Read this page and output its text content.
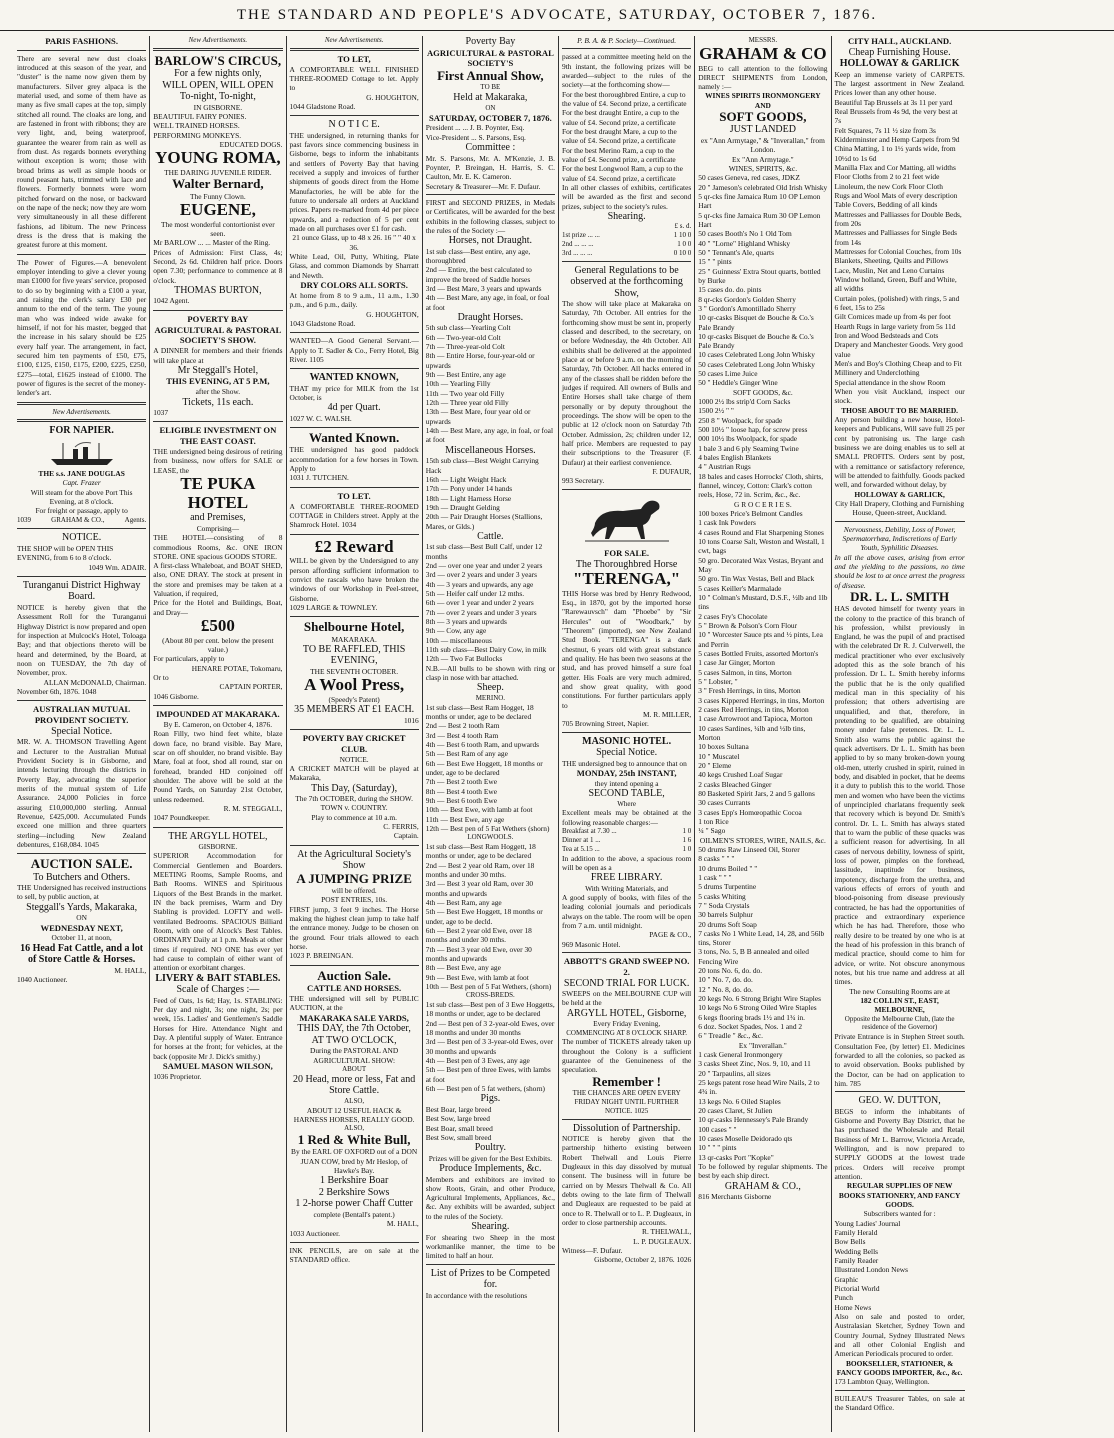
THE STANDARD AND PEOPLE'S ADVOCATE, SATURDAY, OCTOBER 7, 1876.
PARIS FASHIONS.
There are several new dust cloaks introduced at this season of the year, and "duster" is the name now given them by manufacturers. Silver grey alpaca is the material used, and some of them have as many as five small capes at the top, simply stitched all round. The cloaks are long, and are fastened in front with ribbons; they are very light, and, being waterproof, guarantee the wearer from rain as well as from dust. As regards bonnets everything without exception is worn; those with broad brims as well as simple hoods or round peasant hats, trimmed with lace and flowers. Formerly bonnets were worn pitched forward on the nose, or backward on the nape of the neck; now they are worn very simultaneously in all these different fashions, ad libitum. The new Princess dress is the dress that is making the greatest furore at this moment.
The Power of Figures.—A benevolent employer intending to give a clever young man £1000 for five years' service, proposed to do so by beginning with a £100 a year, and raising the clerk's salary £30 per annum to the end of the term. The young man who was indeed wide awake for himself, if not for his master, begged that the increase in his salary should be £25 every half year. The arrangement, in fact, secured him ten payments of £50, £75, £100, £125, £150, £175, £200, £225, £250, £275—total, £1625 instead of £1000. The power of figures is the secret of the money-lender's art.
New Advertisements.
FOR NAPIER.
THE s.s. JANE DOUGLAS
Capt. Frazer
Will steam for the above Port This Evening, at 8 o'clock.
For freight or passage, apply to
1039	GRAHAM & CO.,	Agents.
NOTICE.
THE SHOP will be OPEN THIS EVENING, from 6 to 8 o'clock.
1049 Wm. ADAIR.
Turanganui District Highway Board.
NOTICE is hereby given that the Assessment Roll for the Turanganui Highway District is now prepared and open for inspection at Mulcock's Hotel, Toloaga Bay; and that objections thereto will be heard and determined, by the Board, at noon on TUESDAY, the 7th day of November, prox.
ALLAN McDONALD, Chairman.
November 6th, 1876. 1048
AUSTRALIAN MUTUAL PROVIDENT SOCIETY.
Special Notice.
MR. W. A. THOMSON Travelling Agent and Lecturer to the Australian Mutual Provident Society is in Gisborne, and intends lecturing through the districts in Poverty Bay, advocating the superior merits of the mutual system of Life Assurance. 24,000 Policies in force assuring £10,000,000 sterling. Annual Revenue, £425,000. Accumulated Funds exceed one million and three quarters sterling—including New Zealand debentures, £168,084. 1045
AUCTION SALE.
To Butchers and Others.
THE Undersigned has received instructions to sell, by public auction, at
Steggall's Yards, Makaraka,
ON
WEDNESDAY NEXT,
October 11, at noon,
16 Head Fat Cattle, and a lot of Store Cattle & Horses.
M. HALL,
1040 Auctioneer.
New Advertisements.
BARLOW'S CIRCUS,
For a few nights only,
WILL OPEN, WILL OPEN
To-night, To-night,
IN GISBORNE.
BEAUTIFUL FAIRY PONIES.
WELL TRAINED HORSES.
PERFORMING MONKEYS.
EDUCATED DOGS.
YOUNG ROMA,
THE DARING JUVENILE RIDER.
Walter Bernard,
The Funny Clown.
EUGENE,
The most wonderful contortionist ever seen.
Mr BARLOW ... ... Master of the Ring.
Prices of Admission: First Class, 4s; Second, 2s 6d. Children half price. Doors open 7.30; performance to commence at 8 o'clock.
THOMAS BURTON,
1042 Agent.
POVERTY BAY AGRICULTURAL & PASTORAL SOCIETY'S SHOW.
A DINNER for members and their friends will take place at
Mr Steggall's Hotel,
THIS EVENING, AT 5 P.M,
after the Show.
Tickets, 11s each.
1037
ELIGIBLE INVESTMENT ON THE EAST COAST.
THE undersigned being desirous of retiring from business, now offers for SALE or LEASE, the
TE PUKA HOTEL
and Premises,
Comprising—
THE HOTEL—consisting of 8 commodious Rooms, &c. ONE IRON STORE. ONE spacious GOODS STORE.
A first-class Whaleboat, and BOAT SHED, also, ONE DRAY. The stock at present in the store and premises may be taken at a Valuation, if required,
Price for the Hotel and Buildings, Boat, and Dray—
£500
(About 80 per cent. below the present value.)
For particulars, apply to
HENARE POTAE, Tokomaru,
Or to
CAPTAIN PORTER,
1046 Gisborne.
IMPOUNDED AT MAKARAKA.
By E. Cameron, on October 4, 1876.
Roan Filly, two hind feet white, blaze down face, no brand visible. Bay Mare, scar on off shoulder, no brand visible. Bay Mare, foal at foot, shod all round, star on forehead, branded HD conjoined off shoulder. The above will be sold at the Pound Yards, on Saturday 21st October, unless redeemed.
R. M. STEGGALL,
1047 Poundkeeper.
THE ARGYLL HOTEL,
GISBORNE.
SUPERIOR Accommodation for Commercial Gentlemen and Boarders. MEETING Rooms, Sample Rooms, and Bath Rooms. WINES and Spirituous Liquors of the Best Brands in the market. IN the back premises, Warm and Dry Stabling is provided. LOFTY and well-ventilated Bedrooms. SPACIOUS Billiard Room, with one of Alcock's Best Tables. ORDINARY Daily at 1 p.m. Meals at other times if required. NO ONE has ever yet had cause to complain of either want of attention or exorbitant charges.
LIVERY & BAIT STABLES.
Scale of Charges :—
Feed of Oats, 1s 6d; Hay, 1s. STABLING: Per day and night, 3s; one night, 2s; per week, 15s. Ladies' and Gentlemen's Saddle Horses for Hire. Attendance Night and Day. A plentiful supply of Water. Entrance for horses at the front; for vehicles, at the back (opposite Mr J. Dick's smithy.)
SAMUEL MASON WILSON,
1036 Proprietor.
New Advertisements.
TO LET,
A COMFORTABLE WELL FINISHED THREE-ROOMED Cottage to let. Apply to
G. HOUGHTON,
1044 Gladstone Road.
N O T I C E.
THE undersigned, in returning thanks for past favors since commencing business in Gisborne, begs to inform the inhabitants and settlers of Poverty Bay that having received a supply and invoices of further shipments of goods direct from the Home Manufactories, he will be able for the future to undersale all orders at Auckland prices. Papers re-marked from 4d per piece upwards, and a reduction of 5 per cent made on all purchases over £1 for cash.
21 ounce Glass, up to 48 x 26. 16 " " 40 x 36.
White Lead, Oil, Putty, Whiting, Plate Glass, and common Diamonds by Sharratt and Newth.
DRY COLORS ALL SORTS.
At home from 8 to 9 a.m., 11 a.m., 1.30 p.m., and 6 p.m., daily.
G. HOUGHTON,
1043 Gladstone Road.
WANTED—A Good General Servant.—Apply to T. Sadler & Co., Ferry Hotel, Big River. 1105
WANTED KNOWN,
THAT my price for MILK from the 1st October, is
4d per Quart.
1027 W. C. WALSH.
Wanted Known.
THE undersigned has good paddock accommodation for a few horses in Town. Apply to
1031 J. TUTCHEN.
TO LET.
A COMFORTABLE THREE-ROOMED COTTAGE in Childers street. Apply at the Shamrock Hotel. 1034
£2 Reward
WILL be given by the Undersigned to any person affording sufficient information to convict the rascals who have broken the windows of our Workshop in Peel-street, Gisborne.
1029 LARGE & TOWNLEY.
Shelbourne Hotel,
MAKARAKA.
TO BE RAFFLED, THIS EVENING,
THE SEVENTH OCTOBER.
A Wool Press,
(Speedy's Patent)
35 MEMBERS AT £1 EACH.
1016
POVERTY BAY CRICKET CLUB.
NOTICE.
A CRICKET MATCH will be played at Makaraka,
This Day, (Saturday),
The 7th OCTOBER, during the SHOW.
TOWN v. COUNTRY.
Play to commence at 10 a.m.
C. FERRIS,
Captain.
At the Agricultural Society's Show
A JUMPING PRIZE
will be offered.
POST ENTRIES, 10s.
FIRST jump, 3 feet 9 inches. The Horse making the highest clean jump to take half the entrance money. Judge to be chosen on the ground. Four trials allowed to each horse.
1023 P. BREINGAN.
Auction Sale.
CATTLE AND HORSES.
THE undersigned will sell by PUBLIC AUCTION, at the
MAKARAKA SALE YARDS,
THIS DAY, the 7th October,
AT TWO O'CLOCK,
During the PASTORAL AND AGRICULTURAL SHOW:
ABOUT
20 Head, more or less, Fat and Store Cattle.
ALSO,
ABOUT 12 USEFUL HACK & HARNESS HORSES, REALLY GOOD.
ALSO,
1 Red & White Bull,
By the EARL OF OXFORD out of a DON JUAN COW, bred by Mr Heslop, of Hawke's Bay.
1 Berkshire Boar
2 Berkshire Sows
1 2-horse power Chaff Cutter
complete (Bentall's patent.)
M. HALL,
1033 Auctioneer.
INK PENCILS, are on sale at the STANDARD office.
Poverty Bay
AGRICULTURAL & PASTORAL SOCIETY'S
First Annual Show,
TO BE
Held at Makaraka,
ON
SATURDAY, OCTOBER 7, 1876.
President ... ... J. B. Poynter, Esq.
Vice-President ... S. Parsons, Esq.
Committee :
Mr. S. Parsons, Mr. A. M'Kenzie, J. B. Poynter, P. Breingan, H. Harris, S. C. Caulton, Mr. E. K. Cameron.
Secretary & Treasurer—Mr. F. Dufaur.
FIRST and SECOND PRIZES, in Medals or Certificates, will be awarded for the best exhibits in the following classes, subject to the rules of the Society :—
Horses, not Draught.
1st sub class—Best entire, any age, thoroughbred
2nd — Entire, the best calculated to improve the breed of Saddle horses
3rd — Best Mare, 3 years and upwards
4th — Best Mare, any age, in foal, or foal at foot
Draught Horses.
5th sub class—Yearling Colt
6th — Two-year-old Colt
7th — Three-year-old Colt
8th — Entire Horse, four-year-old or upwards
9th — Best Entire, any age
10th — Yearling Filly
11th — Two year old Filly
12th — Three year old Filly
13th — Best Mare, four year old or upwards
14th — Best Mare, any age, in foal, or foal at foot
Miscellaneous Horses.
15th sub class—Best Weight Carrying Hack
16th — Light Weight Hack
17th — Pony under 14 hands
18th — Light Harness Horse
19th — Draught Gelding
20th — Pair Draught Horses (Stallions, Mares, or Glds.)
Cattle.
1st sub class—Best Bull Calf, under 12 months
2nd — over one year and under 2 years
3rd — over 2 years and under 3 years
4th — 3 years and upwards, any age
5th — Heifer calf under 12 mths.
6th — over 1 year and under 2 years
7th — over 2 years and under 3 years
8th — 3 years and upwards
9th — Cow, any age
10th — miscellaneous
11th sub class—Best Dairy Cow, in milk
12th — Two Fat Bullocks
N.B.—All bulls to be shown with ring or clasp in nose with bar attached.
Sheep.
MERINO.
1st sub class—Best Ram Hogget, 18 months or under, age to be declared
2nd — Best 2 tooth Ram
3rd — Best 4 tooth Ram
4th — Best 6 tooth Ram, and upwards
5th — Best Ram of any age
6th — Best Ewe Hoggett, 18 months or under, age to be declared
7th — Best 2 tooth Ewe
8th — Best 4 tooth Ewe
9th — Best 6 tooth Ewe
10th — Best Ewe, with lamb at foot
11th — Best Ewe, any age
12th — Best pen of 5 Fat Wethers (shorn)
LONGWOOLS.
1st sub class—Best Ram Hoggett, 18 months or under, age to be declared
2nd — Best 2 year old Ram, over 18 months and under 30 mths.
3rd — Best 3 year old Ram, over 30 months and upwards
4th — Best Ram, any age
5th — Best Ewe Hoggett, 18 months or under, age to be decld.
6th — Best 2 year old Ewe, over 18 months and under 30 mths.
7th — Best 3 year old Ewe, over 30 months and upwards
8th — Best Ewe, any age
9th — Best Ewe, with lamb at foot
10th — Best pen of 5 Fat Wethers, (shorn)
CROSS-BREDS.
1st sub class—Best pen of 3 Ewe Hoggetts, 18 months or under, age to be declared
2nd — Best pen of 3 2-year-old Ewes, over 18 months and under 30 months
3rd — Best pen of 3 3-year-old Ewes, over 30 months and upwards
4th — Best pen of 3 Ewes, any age
5th — Best pen of three Ewes, with lambs at foot
6th — Best pen of 5 fat wethers, (shorn)
Pigs.
Best Boar, large breed
Best Sow, large breed
Best Boar, small breed
Best Sow, small breed
Poultry.
Prizes will be given for the Best Exhibits.
Produce Implements, &c.
Members and exhibitors are invited to show Roots, Grain, and other Produce, Agricultural Implements, Appliances, &c., &c. Any exhibits will be awarded, subject to the rules of the Society.
Shearing.
For shearing two Sheep in the most workmanlike manner, the time to be limited to half an hour.
List of Prizes to be Competed for.
In accordance with the resolutions
P. B. A. & P. Society—Continued.
passed at a committee meeting held on the 9th instant, the following prizes will be awarded—subject to the rules of the society—at the forthcoming show—
For the best thoroughbred Entire, a cup to the value of £4. Second prize, a certificate
For the best draught Entire, a cup to the value of £4. Second prize, a certificate
For the best draught Mare, a cup to the value of £4. Second prize, a certificate
For the best Merino Ram, a cup to the value of £4. Second prize, a certificate
For the best Longwool Ram, a cup to the value of £4. Second prize, a certificate
In all other classes of exhibits, certificates will be awarded as the first and second prizes, subject to the society's rules.
Shearing.
£ s. d.
1st prize ... ...	1 10 0
2nd ... ... ...	1 0 0
3rd ... ... ...	0 10 0
General Regulations to be observed at the forthcoming Show,
The show will take place at Makaraka on Saturday, 7th October. All entries for the forthcoming show must be sent in, properly classed and described, to the secretary, on or before Wednesday, the 4th October. All exhibits shall be delivered at the appointed place at or before 9 a.m. on the morning of Saturday, 7th October. All hacks entered in any of the classes shall be ridden before the judges if required. All owners of Bulls and Entire Horses shall take charge of them personally or by deputy throughout the proceedings. The show will be open to the public at 12 o'clock noon on Saturday 7th October. Admission, 2s; children under 12, half price. Members are requested to pay their subscriptions to the Treasurer (F. Dufaur) at their earliest convenience.
F. DUFAUR,
993 Secretary.
FOR SALE.
The Thoroughbred Horse
"TERENGA,"
THIS Horse was bred by Henry Redwood, Esq., in 1870, got by the imported horse "Rarewauvsch" dam "Phoebe" by "Sir Hercules" out of "Woodbark," by "Theorem" (imported), see New Zealand Stud Book. "TERENGA" is a dark chestnut, 6 years old with great substance and quality. He has been two seasons at the stud, and has proved himself a sure foal getter. His Foals are very much admired, and show great quality, with good constitutions. For further particulars apply to
M. R. MILLER,
705 Browning Street, Napier.
MASONIC HOTEL.
Special Notice.
THE undersigned beg to announce that on
MONDAY, 25th INSTANT,
they intend opening a
SECOND TABLE,
Where
Excellent meals may be obtained at the following reasonable charges:—
Breakfast at 7.30 ...	1 0
Dinner at 1 ...	1 6
Tea at 5.15 ...	1 0
In addition to the above, a spacious room will be open as a
FREE LIBRARY.
With Writing Materials, and
A good supply of books, with files of the leading colonial journals and periodicals always on the table. The room will be open from 7 a.m. until midnight.
PAGE & CO.,
969 Masonic Hotel.
ABBOTT'S GRAND SWEEP NO. 2.
SECOND TRIAL FOR LUCK.
SWEEPS on the MELBOURNE CUP will be held at the
ARGYLL HOTEL, Gisborne,
Every Friday Evening,
COMMENCING AT 8 O'CLOCK SHARP.
The number of TICKETS already taken up throughout the Colony is a sufficient guarantee of the Genuineness of the speculation.
Remember !
THE CHANCES ARE OPEN EVERY FRIDAY NIGHT UNTIL FURTHER NOTICE. 1025
Dissolution of Partnership.
NOTICE is hereby given that the partnership hitherto existing between Robert Thelwall and Louis Pierre Dugleaux in this day dissolved by mutual consent. The business will in future be carried on by Messrs Thelwall & Co. All debts owing to the late firm of Thelwall and Dugleaux are requested to be paid at once to R. Thelwall or to L. P. Dugleaux, in order to close partnership accounts.
R. THELWALL,
L. P. DUGLEAUX.
Witness—F. Dufaur.
Gisborne, October 2, 1876. 1026
MESSRS.
GRAHAM & CO
BEG to call attention to the following DIRECT SHIPMENTS from London, namely :—
WINES SPIRITS IRONMONGERY AND
SOFT GOODS,
JUST LANDED
ex "Ann Armytage," & "Inverallan," from London.
Ex "Ann Armytage."
WINES, SPIRITS, &c.
50 cases Geneva, red cases, JDKZ
20 " Jameson's celebrated Old Irish Whisky
5 qr-cks fine Jamaica Rum 10 OP Lemon Hart
5 qr-cks fine Jamaica Rum 30 OP Lemon Hart
50 cases Booth's No 1 Old Tom
40 " "Lorne" Highland Whisky
50 " Tennant's Ale, quarts
15 " " pints
25 " Guinness' Extra Stout quarts, bottled by Burke
15 cases do. do. pints
8 qr-cks Gordon's Golden Sherry
3 " Gordon's Amontillado Sherry
10 qr-casks Bisquet de Bouche & Co.'s Pale Brandy
10 qr-casks Bisquet de Bouche & Co.'s Pale Brandy
10 cases Celebrated Long John Whisky
50 cases Celebrated Long John Whisky
50 cases Lime Juice
50 " Heddle's Ginger Wine
SOFT GOODS, &c.
1000 2½ lbs strip'd Corn Sacks
1500 2½ " "
250 8 " Woolpack, for spade
500 10½ " loose hap, for screw press
000 10½ lbs Woolpack, for spade
1 bale 3 and 6 ply Seaming Twine
4 bales English Blankets
4 " Austrian Rugs
18 bales and cases Horrocks' Cloth, shirts, flannel, wincey, Cotton: Clark's cotton reels, Hose, 72 in. Scrim, &c., &c.
G R O C E R I E S.
100 boxes Price's Belmont Candles
1 cask Ink Powders
4 cases Round and Flat Sharpening Stones
10 tons Coarse Salt, Weston and Westall, 1 cwt, bags
50 gro. Decorated Wax Vestas, Bryant and May
50 gro. Tin Wax Vestas, Bell and Black
5 cases Keiller's Marmalade
10 " Colman's Mustard, D.S.F., ½lb and 1lb tins
2 cases Fry's Chocolate
5 " Brown & Polson's Corn Flour
10 " Worcester Sauce pts and ½ pints, Lea and Perrin
5 cases Bottled Fruits, assorted Morton's
1 case Jar Ginger, Morton
5 cases Salmon, in tins, Morton
5 " Lobster, "
3 " Fresh Herrings, in tins, Morton
3 cases Kippered Herrings, in tins, Morton
2 cases Red Herrings, in tins, Morton
1 case Arrowroot and Tapioca, Morton
10 cases Sardines, ¼lb and ½lb tins, Morton
10 boxes Sultana
10 " Muscatel
20 " Eleme
40 kegs Crushed Loaf Sugar
2 casks Bleached Ginger
80 Basketed Spirit Jars, 2 and 5 gallons
30 cases Currants
3 cases Epp's Homœopathic Cocoa
1 ton Rice
¼ " Sago
OILMEN'S STORES, WIRE, NAILS, &c.
50 drums Raw Linseed Oil, Storer
8 casks " " "
10 drums Boiled " "
1 cask " " "
5 drums Turpentine
5 casks Whiting
7 " Soda Crystals
30 barrels Sulphur
20 drums Soft Soap
7 casks No 1 White Lead, 14, 28, and 56lb tins, Storer
3 tons, No. 5, B B annealed and oiled Fencing Wire
20 tons No. 6, do. do.
10 " No. 7, do. do.
12 " No. 8, do. do.
20 kegs No. 6 Strong Bright Wire Staples
10 kegs No 6 Strong Oiled Wire Staples
6 kegs flooring brads 1½ and 1¾ in.
6 doz. Socket Spades, Nos. 1 and 2
6 " Treadle " &c., &c.
Ex "Inverallan."
1 cask General Ironmongery
3 casks Sheet Zinc, Nos. 9, 10, and 11
20 " Tarpaulins, all sizes
25 kegs patent rose head Wire Nails, 2 to 4¾ in.
13 kegs No. 6 Oiled Staples
20 cases Claret, St Julien
10 qr-casks Hennessey's Pale Brandy
100 cases " "
10 cases Moselle Deidorado qts
10 " " " pints
13 qr-casks Port "Kopke"
To be followed by regular shipments. The best by each ship direct.
GRAHAM & CO.,
816 Merchants Gisborne
CITY HALL, AUCKLAND.
Cheap Furnishing House.
HOLLOWAY & GARLICK
Keep an immense variety of CARPETS. The largest assortment in New Zealand. Prices lower than any other house.
Beautiful Tap Brussels at 3s 11 per yard
Real Brussels from 4s 9d, the very best at 7s
Felt Squares, 7s 11 ½ size from 3s
Kidderminster and Hemp Carpets from 9d
China Matting, 1 to 1½ yards wide, from 10½d to 1s 6d
Manilla Flax and Cor Matting, all widths
Floor Cloths from 2 to 21 feet wide
Linoleum, the new Cork Floor Cloth
Rugs and Wool Mats of every description
Table Covers, Bedding of all kinds
Mattresses and Palliasses for Double Beds, from 20s
Mattresses and Palliasses for Single Beds from 14s
Mattresses for Colonial Couches, from 10s
Blankets, Sheeting, Quilts and Pillows
Lace, Muslin, Net and Leno Curtains
Window holland, Green, Buff and White, all widths
Curtain poles, (polished) with rings, 5 and 6 feet, 15s to 25s
Gilt Cornices made up from 4s per foot
Hearth Rugs in large variety from 5s 11d
Iron and Wood Bedsteads and Cots
Drapery and Manchester Goods. Very good value
Men's and Boy's Clothing Cheap and to Fit
Millinery and Underclothing
Special attendance in the show Room
When you visit Auckland, inspect our stock.
THOSE ABOUT TO BE MARRIED.
Any person building a new house, Hotel-keepers and Publicans, Will save full 25 per cent by patronising us. The large cash business we are doing enables us to sell at SMALL PROFITS. Orders sent by post, with a remittance or satisfactory reference, will be attended to faithfully. Goods packed well, and forwarded without delay, by
HOLLOWAY & GARLICK,
City Hall Drapery, Clothing and Furnishing House, Queen-street, Auckland.
Nervousness, Debility, Loss of Power, Spermatorrhœa, Indiscretions of Early Youth, Syphilitic Diseases.
In all the above cases, arising from error and the yielding to the passions, no time should be lost to at once arrest the progress of disease.
DR. L. L. SMITH
HAS devoted himself for twenty years in the colony to the practice of this branch of his profession, whilst previously in England, he was the pupil of and practised with the celebrated Dr R. J. Culverwell, the medical practitioner who ever exclusively adopted this as the sole branch of his profession. Dr L. L. Smith hereby informs the public that he is the only qualified medical man in this speciality of his profession; that others advertising are unqualified, and that, therefore, in pretending to be qualified, are obtaining money under false pretences. Dr. L. L. Smith also warns the public against the quack advertisers. Dr L. L. Smith has been applied to by so many broken-down young old-men, utterly crushed in spirit, ruined in body, and disabled in pocket, that he deems it a duty to publish this to the world. Those men and women who have been the victims of unprincipled charlatans frequently seek that recovery which is beyond Dr. Smith's control. Dr. L. L. Smith has always stated that to warn the public of these quacks was a sufficient reason for advertising. In all cases of nervous debility, lowness of spirit, loss of power, pimples on the forehead, lassitude, inaptitude for business, impotency, discharge from the urethra, and various effects of errors of youth and blood-poisoning from disease previously contracted, he has had the opportunities of practice and extraordinary experience which he has had. Therefore, those who really desire to be treated by one who is at the head of his profession in this branch of medical practice, should come to him for advice, or write. Not obscure anonymous notes, but his true name and address at all times.
The new Consulting Rooms are at
182 COLLIN ST., EAST, MELBOURNE,
Opposite the Melbourne Club, (late the residence of the Governor)
Private Entrance is in Stephen Street south. Consultation Fee, (by letter) £1. Medicines forwarded to all the colonies, so packed as to avoid observation. Books published by the Doctor, can be had on application to him. 785
GEO. W. DUTTON,
BEGS to inform the inhabitants of Gisborne and Poverty Bay District, that he has purchased the Wholesale and Retail Business of Mr L. Barrow, Victoria Arcade, Wellington, and is now prepared to SUPPLY GOODS at the lowest trade prices. Orders will receive prompt attention.
REGULAR SUPPLIES OF NEW BOOKS STATIONERY, AND FANCY GOODS.
Subscribers wanted for :
Young Ladies' Journal
Family Herald
Bow Bells
Wedding Bells
Family Reader
Illustrated London News
Graphic
Pictorial World
Punch
Home News
Also on sale and posted to order, Australasian Sketcher, Sydney Town and Country Journal, Sydney Illustrated News and all other Colonial English and American Periodicals procured to order.
BOOKSELLER, STATIONER, & FANCY GOODS IMPORTER, &c., &c.
173 Lambton Quay, Wellington.
BUILEAU'S Treasurer Tables, on sale at the Standard Office.
